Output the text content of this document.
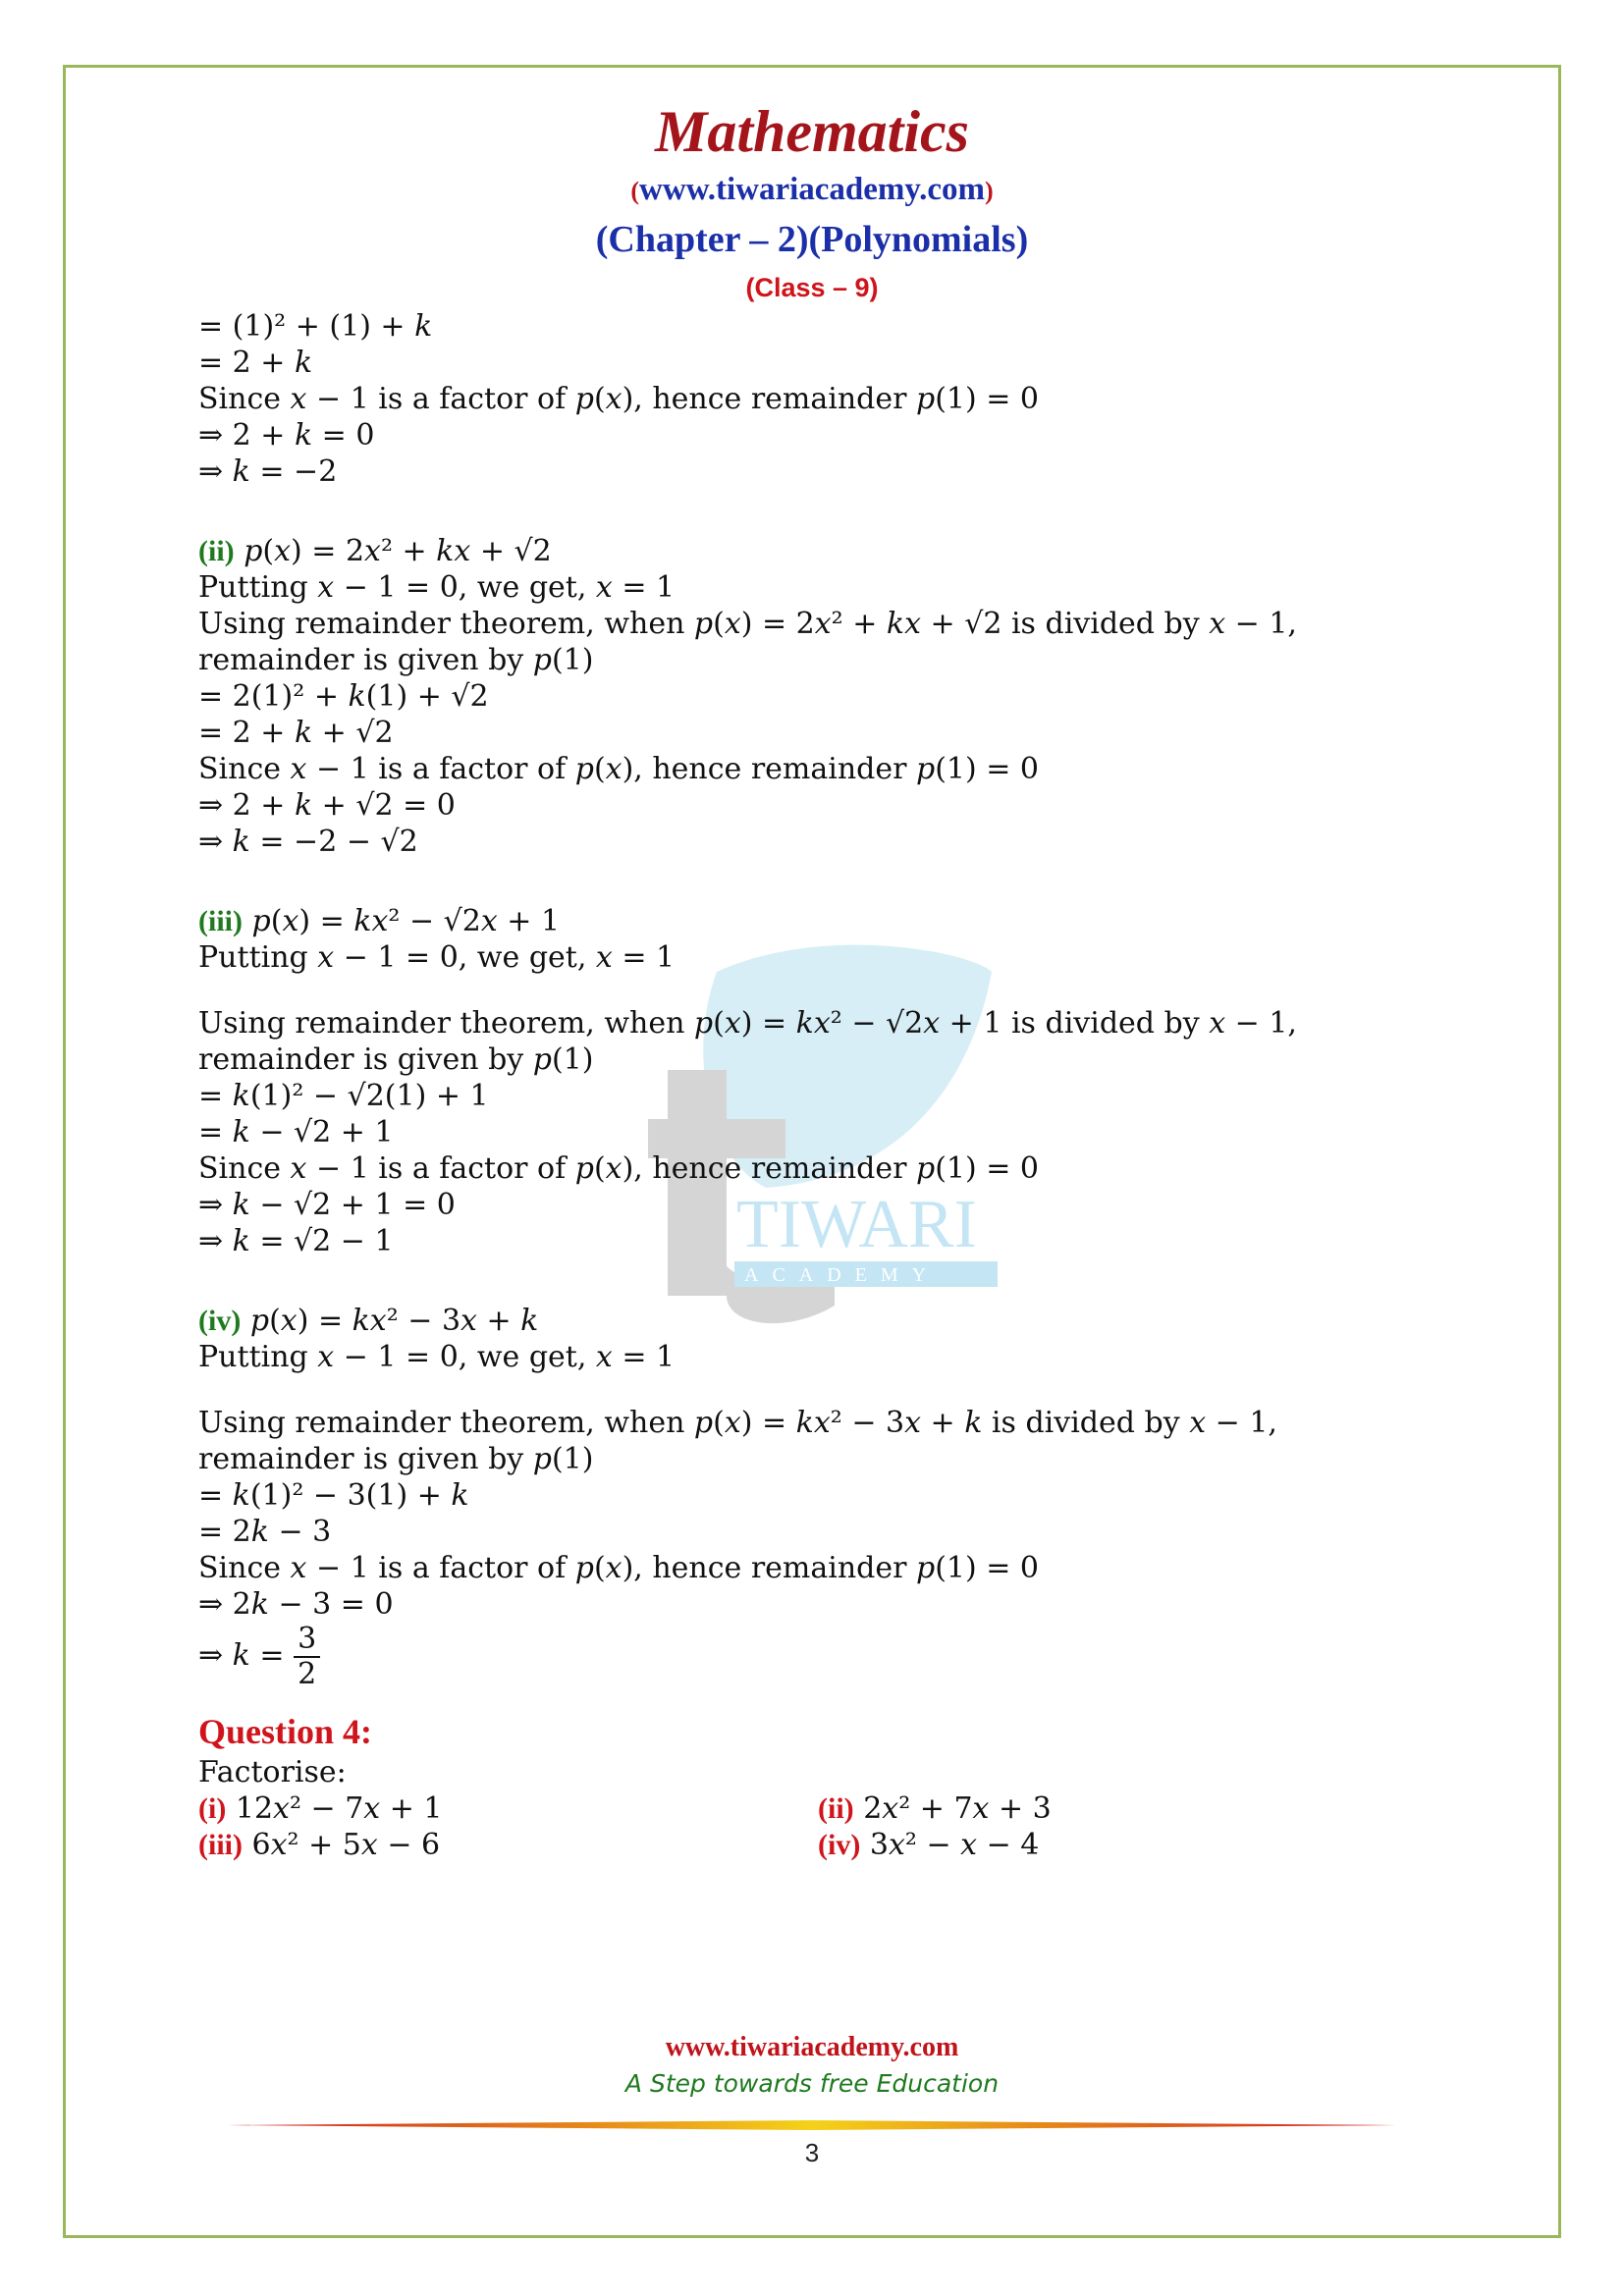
Mathematics
(www.tiwariacademy.com)
(Chapter – 2)(Polynomials)
(Class – 9)
TIWARI
ACADEMY
= (1)² + (1) + 𝑘
= 2 + 𝑘
Since 𝑥 − 1 is a factor of 𝑝(𝑥), hence remainder 𝑝(1) = 0
⇒ 2 + 𝑘 = 0
⇒ 𝑘 = −2
(ii) 𝑝(𝑥) = 2𝑥² + 𝑘𝑥 + √2
Putting 𝑥 − 1 = 0, we get, 𝑥 = 1
Using remainder theorem, when 𝑝(𝑥) = 2𝑥² + 𝑘𝑥 + √2 is divided by 𝑥 − 1, remainder is given by 𝑝(1)
= 2(1)² + 𝑘(1) + √2
= 2 + 𝑘 + √2
Since 𝑥 − 1 is a factor of 𝑝(𝑥), hence remainder 𝑝(1) = 0
⇒ 2 + 𝑘 + √2 = 0
⇒ 𝑘 = −2 − √2
(iii) 𝑝(𝑥) = 𝑘𝑥² − √2𝑥 + 1
Putting 𝑥 − 1 = 0, we get, 𝑥 = 1
Using remainder theorem, when 𝑝(𝑥) = 𝑘𝑥² − √2𝑥 + 1 is divided by 𝑥 − 1, remainder is given by 𝑝(1)
= 𝑘(1)² − √2(1) + 1
= 𝑘 − √2 + 1
Since 𝑥 − 1 is a factor of 𝑝(𝑥), hence remainder 𝑝(1) = 0
⇒ 𝑘 − √2 + 1 = 0
⇒ 𝑘 = √2 − 1
(iv) 𝑝(𝑥) = 𝑘𝑥² − 3𝑥 + 𝑘
Putting 𝑥 − 1 = 0, we get, 𝑥 = 1
Using remainder theorem, when 𝑝(𝑥) = 𝑘𝑥² − 3𝑥 + 𝑘 is divided by 𝑥 − 1, remainder is given by 𝑝(1)
= 𝑘(1)² − 3(1) + 𝑘
= 2𝑘 − 3
Since 𝑥 − 1 is a factor of 𝑝(𝑥), hence remainder 𝑝(1) = 0
⇒ 2𝑘 − 3 = 0
⇒ 𝑘 = $\frac{3}{2}$
Question 4:
Factorise:
(i) 12𝑥² − 7𝑥 + 1	(ii) 2𝑥² + 7𝑥 + 3
(iii) 6𝑥² + 5𝑥 − 6	(iv) 3𝑥² − 𝑥 − 4
www.tiwariacademy.com
A Step towards free Education
3
